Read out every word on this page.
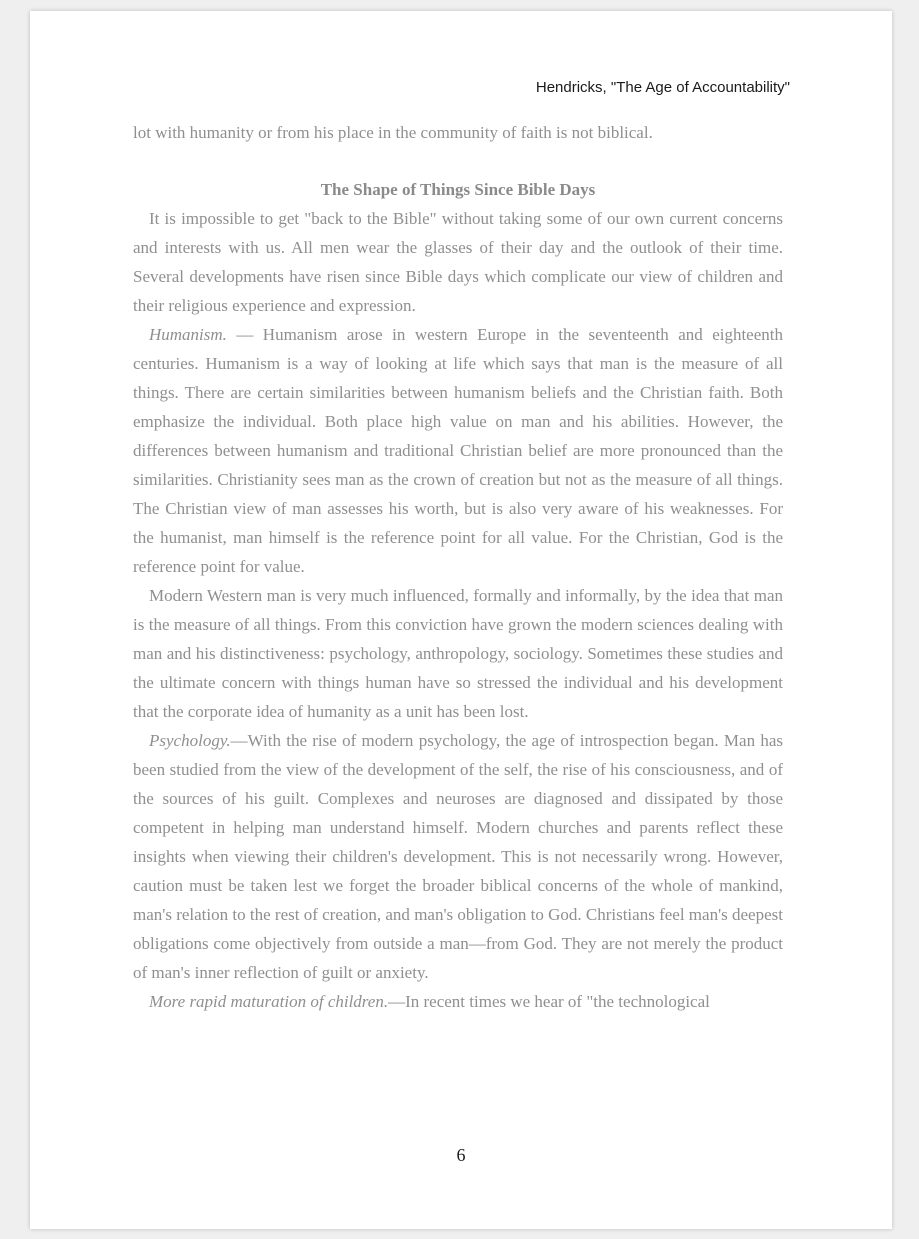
Hendricks, "The Age of Accountability"

lot with humanity or from his place in the community of faith is not biblical.

The Shape of Things Since Bible Days

It is impossible to get "back to the Bible" without taking some of our own current concerns and interests with us. All men wear the glasses of their day and the outlook of their time. Several developments have risen since Bible days which complicate our view of children and their religious experience and expression.

Humanism. — Humanism arose in western Europe in the seventeenth and eighteenth centuries. Humanism is a way of looking at life which says that man is the measure of all things. There are certain similarities between humanism beliefs and the Christian faith. Both emphasize the individual. Both place high value on man and his abilities. However, the differences between humanism and traditional Christian belief are more pronounced than the similarities. Christianity sees man as the crown of creation but not as the measure of all things. The Christian view of man assesses his worth, but is also very aware of his weaknesses. For the humanist, man himself is the reference point for all value. For the Christian, God is the reference point for value.

Modern Western man is very much influenced, formally and informally, by the idea that man is the measure of all things. From this conviction have grown the modern sciences dealing with man and his distinctiveness: psychology, anthropology, sociology. Sometimes these studies and the ultimate concern with things human have so stressed the individual and his development that the corporate idea of humanity as a unit has been lost.

Psychology.—With the rise of modern psychology, the age of introspection began. Man has been studied from the view of the development of the self, the rise of his consciousness, and of the sources of his guilt. Complexes and neuroses are diagnosed and dissipated by those competent in helping man understand himself. Modern churches and parents reflect these insights when viewing their children's development. This is not necessarily wrong. However, caution must be taken lest we forget the broader biblical concerns of the whole of mankind, man's relation to the rest of creation, and man's obligation to God. Christians feel man's deepest obligations come objectively from outside a man—from God. They are not merely the product of man's inner reflection of guilt or anxiety.

More rapid maturation of children.—In recent times we hear of "the technological

6
